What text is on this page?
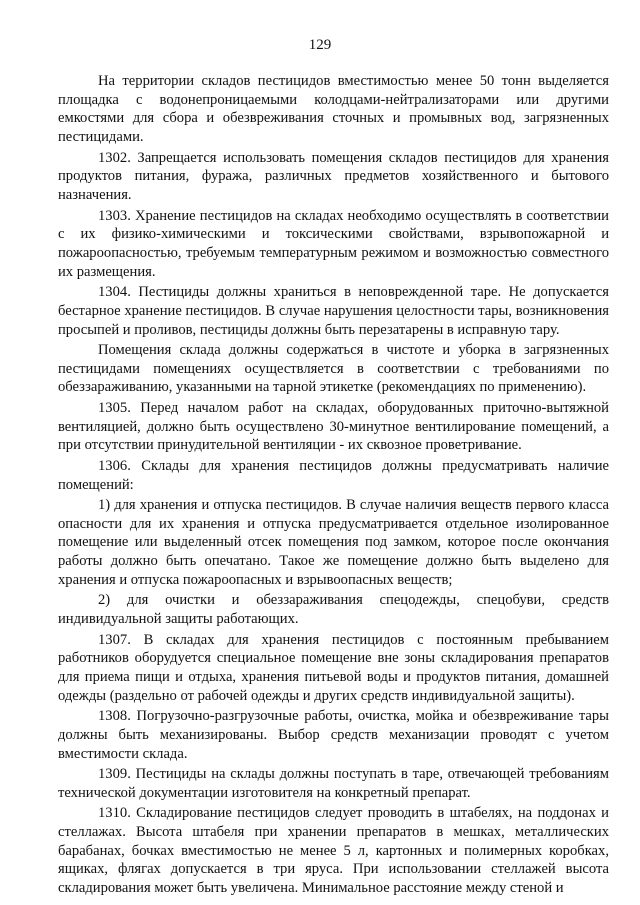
129

На территории складов пестицидов вместимостью менее 50 тонн выделяется площадка с водонепроницаемыми колодцами-нейтрализаторами или другими емкостями для сбора и обезвреживания сточных и промывных вод, загрязненных пестицидами.

1302. Запрещается использовать помещения складов пестицидов для хранения продуктов питания, фуража, различных предметов хозяйственного и бытового назначения.

1303. Хранение пестицидов на складах необходимо осуществлять в соответствии с их физико-химическими и токсическими свойствами, взрывопожарной и пожароопасностью, требуемым температурным режимом и возможностью совместного их размещения.

1304. Пестициды должны храниться в неповрежденной таре. Не допускается бестарное хранение пестицидов. В случае нарушения целостности тары, возникновения просыпей и проливов, пестициды должны быть перезатарены в исправную тару.

Помещения склада должны содержаться в чистоте и уборка в загрязненных пестицидами помещениях осуществляется в соответствии с требованиями по обеззараживанию, указанными на тарной этикетке (рекомендациях по применению).

1305. Перед началом работ на складах, оборудованных приточно-вытяжной вентиляцией, должно быть осуществлено 30-минутное вентилирование помещений, а при отсутствии принудительной вентиляции - их сквозное проветривание.

1306. Склады для хранения пестицидов должны предусматривать наличие помещений:

1) для хранения и отпуска пестицидов. В случае наличия веществ первого класса опасности для их хранения и отпуска предусматривается отдельное изолированное помещение или выделенный отсек помещения под замком, которое после окончания работы должно быть опечатано. Такое же помещение должно быть выделено для хранения и отпуска пожароопасных и взрывоопасных веществ;

2) для очистки и обеззараживания спецодежды, спецобуви, средств индивидуальной защиты работающих.

1307. В складах для хранения пестицидов с постоянным пребыванием работников оборудуется специальное помещение вне зоны складирования препаратов для приема пищи и отдыха, хранения питьевой воды и продуктов питания, домашней одежды (раздельно от рабочей одежды и других средств индивидуальной защиты).

1308. Погрузочно-разгрузочные работы, очистка, мойка и обезвреживание тары должны быть механизированы. Выбор средств механизации проводят с учетом вместимости склада.

1309. Пестициды на склады должны поступать в таре, отвечающей требованиям технической документации изготовителя на конкретный препарат.

1310. Складирование пестицидов следует проводить в штабелях, на поддонах и стеллажах. Высота штабеля при хранении препаратов в мешках, металлических барабанах, бочках вместимостью не менее 5 л, картонных и полимерных коробках, ящиках, флягах допускается в три яруса. При использовании стеллажей высота складирования может быть увеличена. Минимальное расстояние между стеной и
